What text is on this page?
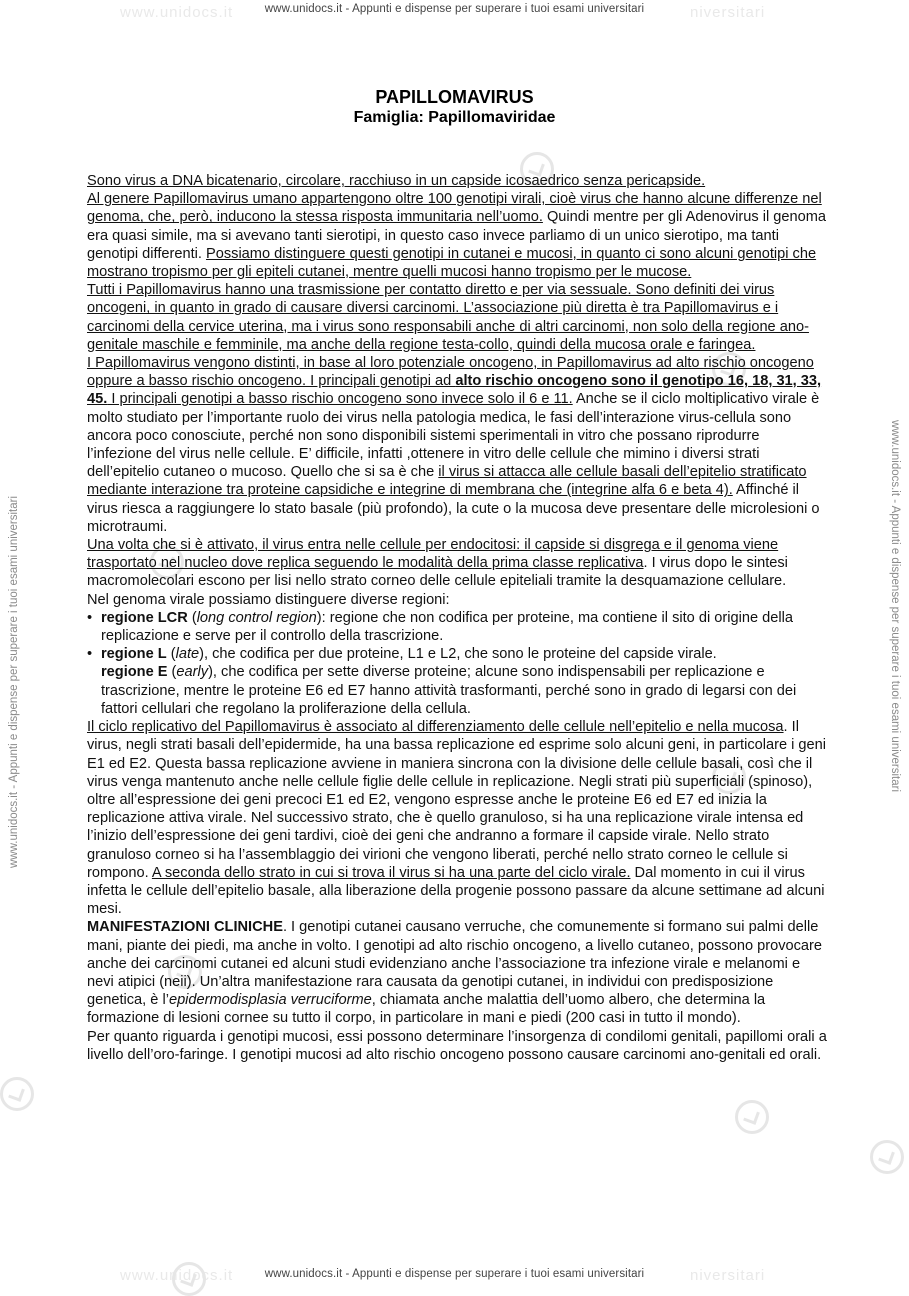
www.unidocs.it	niversitari
www.unidocs.it	niversitari
www.unidocs.it - Appunti e dispense per superare i tuoi esami universitari
www.unidocs.it - Appunti e dispense per superare i tuoi esami universitari
www.unidocs.it - Appunti e dispense per superare i tuoi esami universitari	www.unidocs.it - Appunti e dispense per superare i tuoi esami universitari
PAPILLOMAVIRUS
Famiglia: Papillomaviridae

Sono virus a DNA bicatenario, circolare, racchiuso in un capside icosaedrico senza pericapside.
Al genere Papillomavirus umano appartengono oltre 100 genotipi virali, cioè virus che hanno alcune differenze nel genoma, che, però, inducono la stessa risposta immunitaria nell’uomo. Quindi mentre per gli Adenovirus il genoma era quasi simile, ma si avevano tanti sierotipi, in questo caso invece parliamo di un unico sierotipo, ma tanti genotipi differenti. Possiamo distinguere questi genotipi in cutanei e mucosi, in quanto ci sono alcuni genotipi che mostrano tropismo per gli epiteli cutanei, mentre quelli mucosi hanno tropismo per le mucose.
Tutti i Papillomavirus hanno una trasmissione per contatto diretto e per via sessuale. Sono definiti dei virus oncogeni, in quanto in grado di causare diversi carcinomi. L’associazione più diretta è tra Papillomavirus e i carcinomi della cervice uterina, ma i virus sono responsabili anche di altri carcinomi, non solo della regione ano-genitale maschile e femminile, ma anche della regione testa-collo, quindi della mucosa orale e faringea.
I Papillomavirus vengono distinti, in base al loro potenziale oncogeno, in Papillomavirus ad alto rischio oncogeno oppure a basso rischio oncogeno. I principali genotipi ad alto rischio oncogeno sono il genotipo 16, 18, 31, 33, 45. I principali genotipi a basso rischio oncogeno sono invece solo il 6 e 11. Anche se il ciclo moltiplicativo virale è molto studiato per l’importante ruolo dei virus nella patologia medica, le fasi dell’interazione virus-cellula sono ancora poco conosciute, perché non sono disponibili sistemi sperimentali in vitro che possano riprodurre l’infezione del virus nelle cellule. E’ difficile, infatti ,ottenere in vitro delle cellule che mimino i diversi strati dell’epitelio cutaneo o mucoso. Quello che si sa è che il virus si attacca alle cellule basali dell’epitelio stratificato mediante interazione tra proteine capsidiche e integrine di membrana che (integrine alfa 6 e beta 4). Affinché il virus riesca a raggiungere lo stato basale (più profondo), la cute o la mucosa deve presentare delle microlesioni o microtraumi.

Una volta che si è attivato, il virus entra nelle cellule per endocitosi: il capside si disgrega e il genoma viene trasportato nel nucleo dove replica seguendo le modalità della prima classe replicativa. I virus dopo le sintesi macromolecolari escono per lisi nello strato corneo delle cellule epiteliali tramite la desquamazione cellulare.

Nel genoma virale possiamo distinguere diverse regioni:

• regione LCR (long control region): regione che non codifica per proteine, ma contiene il sito di origine della replicazione e serve per il controllo della trascrizione.
• regione L (late), che codifica per due proteine, L1 e L2, che sono le proteine del capside virale.
regione E (early), che codifica per sette diverse proteine; alcune sono indispensabili per replicazione e trascrizione, mentre le proteine E6 ed E7 hanno attività trasformanti, perché sono in grado di legarsi con dei fattori cellulari che regolano la proliferazione della cellula.

Il ciclo replicativo del Papillomavirus è associato al differenziamento delle cellule nell’epitelio e nella mucosa. Il virus, negli strati basali dell’epidermide, ha una bassa replicazione ed esprime solo alcuni geni, in particolare i geni E1 ed E2. Questa bassa replicazione avviene in maniera sincrona con la divisione delle cellule basali, così che il virus venga mantenuto anche nelle cellule figlie delle cellule in replicazione. Negli strati più superficiali (spinoso), oltre all’espressione dei geni precoci E1 ed E2, vengono espresse anche le proteine E6 ed E7 ed inizia la replicazione attiva virale. Nel successivo strato, che è quello granuloso, si ha una replicazione virale intensa ed l’inizio dell’espressione dei geni tardivi, cioè dei geni che andranno a formare il capside virale. Nello strato granuloso corneo si ha l’assemblaggio dei virioni che vengono liberati, perché nello strato corneo le cellule si rompono. A seconda dello strato in cui si trova il virus si ha una parte del ciclo virale. Dal momento in cui il virus infetta le cellule dell’epitelio basale, alla liberazione della progenie possono passare da alcune settimane ad alcuni mesi.

MANIFESTAZIONI CLINICHE. I genotipi cutanei causano verruche, che comunemente si formano sui palmi delle mani, piante dei piedi, ma anche in volto. I genotipi ad alto rischio oncogeno, a livello cutaneo, possono provocare anche dei carcinomi cutanei ed alcuni studi evidenziano anche l’associazione tra infezione virale e melanomi e nevi atipici (neii). Un’altra manifestazione rara causata da genotipi cutanei, in individui con predisposizione genetica, è l’epidermodisplasia verruciforme, chiamata anche malattia dell’uomo albero, che determina la formazione di lesioni cornee su tutto il corpo, in particolare in mani e piedi (200 casi in tutto il mondo).

Per quanto riguarda i genotipi mucosi, essi possono determinare l’insorgenza di condilomi genitali, papillomi orali a livello dell’oro-faringe. I genotipi mucosi ad alto rischio oncogeno possono causare carcinomi ano-genitali ed orali.
